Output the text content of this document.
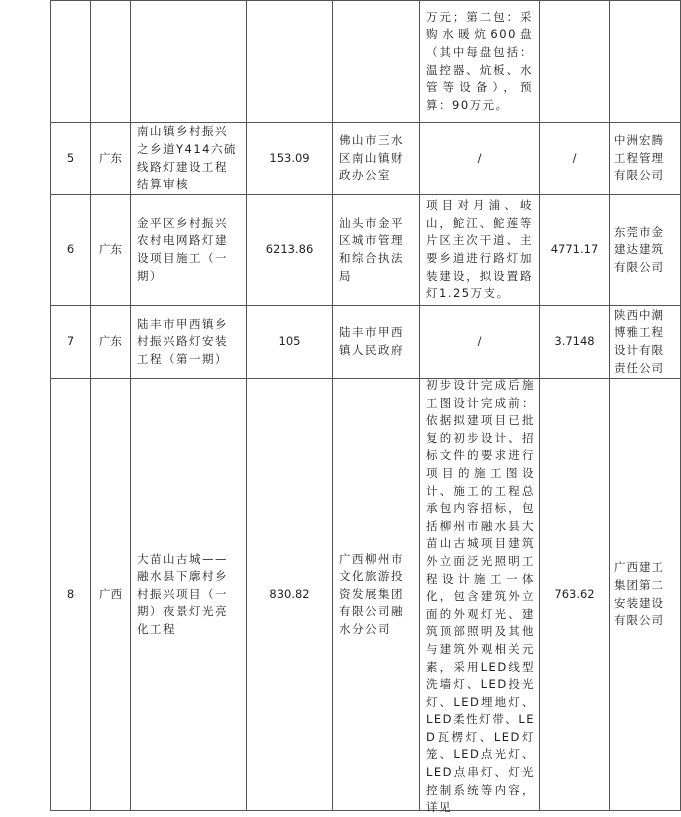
					万元；第二包：采购水暖炕600盘（其中每盘包括：温控器、炕板、水管等设备），预算：90万元。		
5	广东	南山镇乡村振兴之乡道Y414六硫线路灯建设工程结算审核	153.09	佛山市三水区南山镇财政办公室	/	/	中洲宏腾工程管理有限公司
6	广东	金平区乡村振兴农村电网路灯建设项目施工（一期）	6213.86	汕头市金平区城市管理和综合执法局	项目对月浦、岐山，鮀江、鮀莲等片区主次干道、主要乡道进行路灯加装建设，拟设置路灯1.25万支。	4771.17	东莞市金建达建筑有限公司
7	广东	陆丰市甲西镇乡村振兴路灯安装工程（第一期）	105	陆丰市甲西镇人民政府	/	3.7148	陕西中潮博雅工程设计有限责任公司
8	广西	大苗山古城——融水县下廓村乡村振兴项目（一期）夜景灯光亮化工程	830.82	广西柳州市文化旅游投资发展集团有限公司融水分公司	初步设计完成后施工图设计完成前：依据拟建项目已批复的初步设计、招标文件的要求进行项目的施工图设计、施工的工程总承包内容招标，包括柳州市融水县大苗山古城项目建筑外立面泛光照明工程设计施工一体化，包含建筑外立面的外观灯光、建筑顶部照明及其他与建筑外观相关元素，采用LED线型洗墙灯、LED投光灯、LED埋地灯、LED柔性灯带、LED瓦楞灯、LED灯笼、LED点光灯、LED点串灯、灯光控制系统等内容，详见	763.62	广西建工集团第二安装建设有限公司
